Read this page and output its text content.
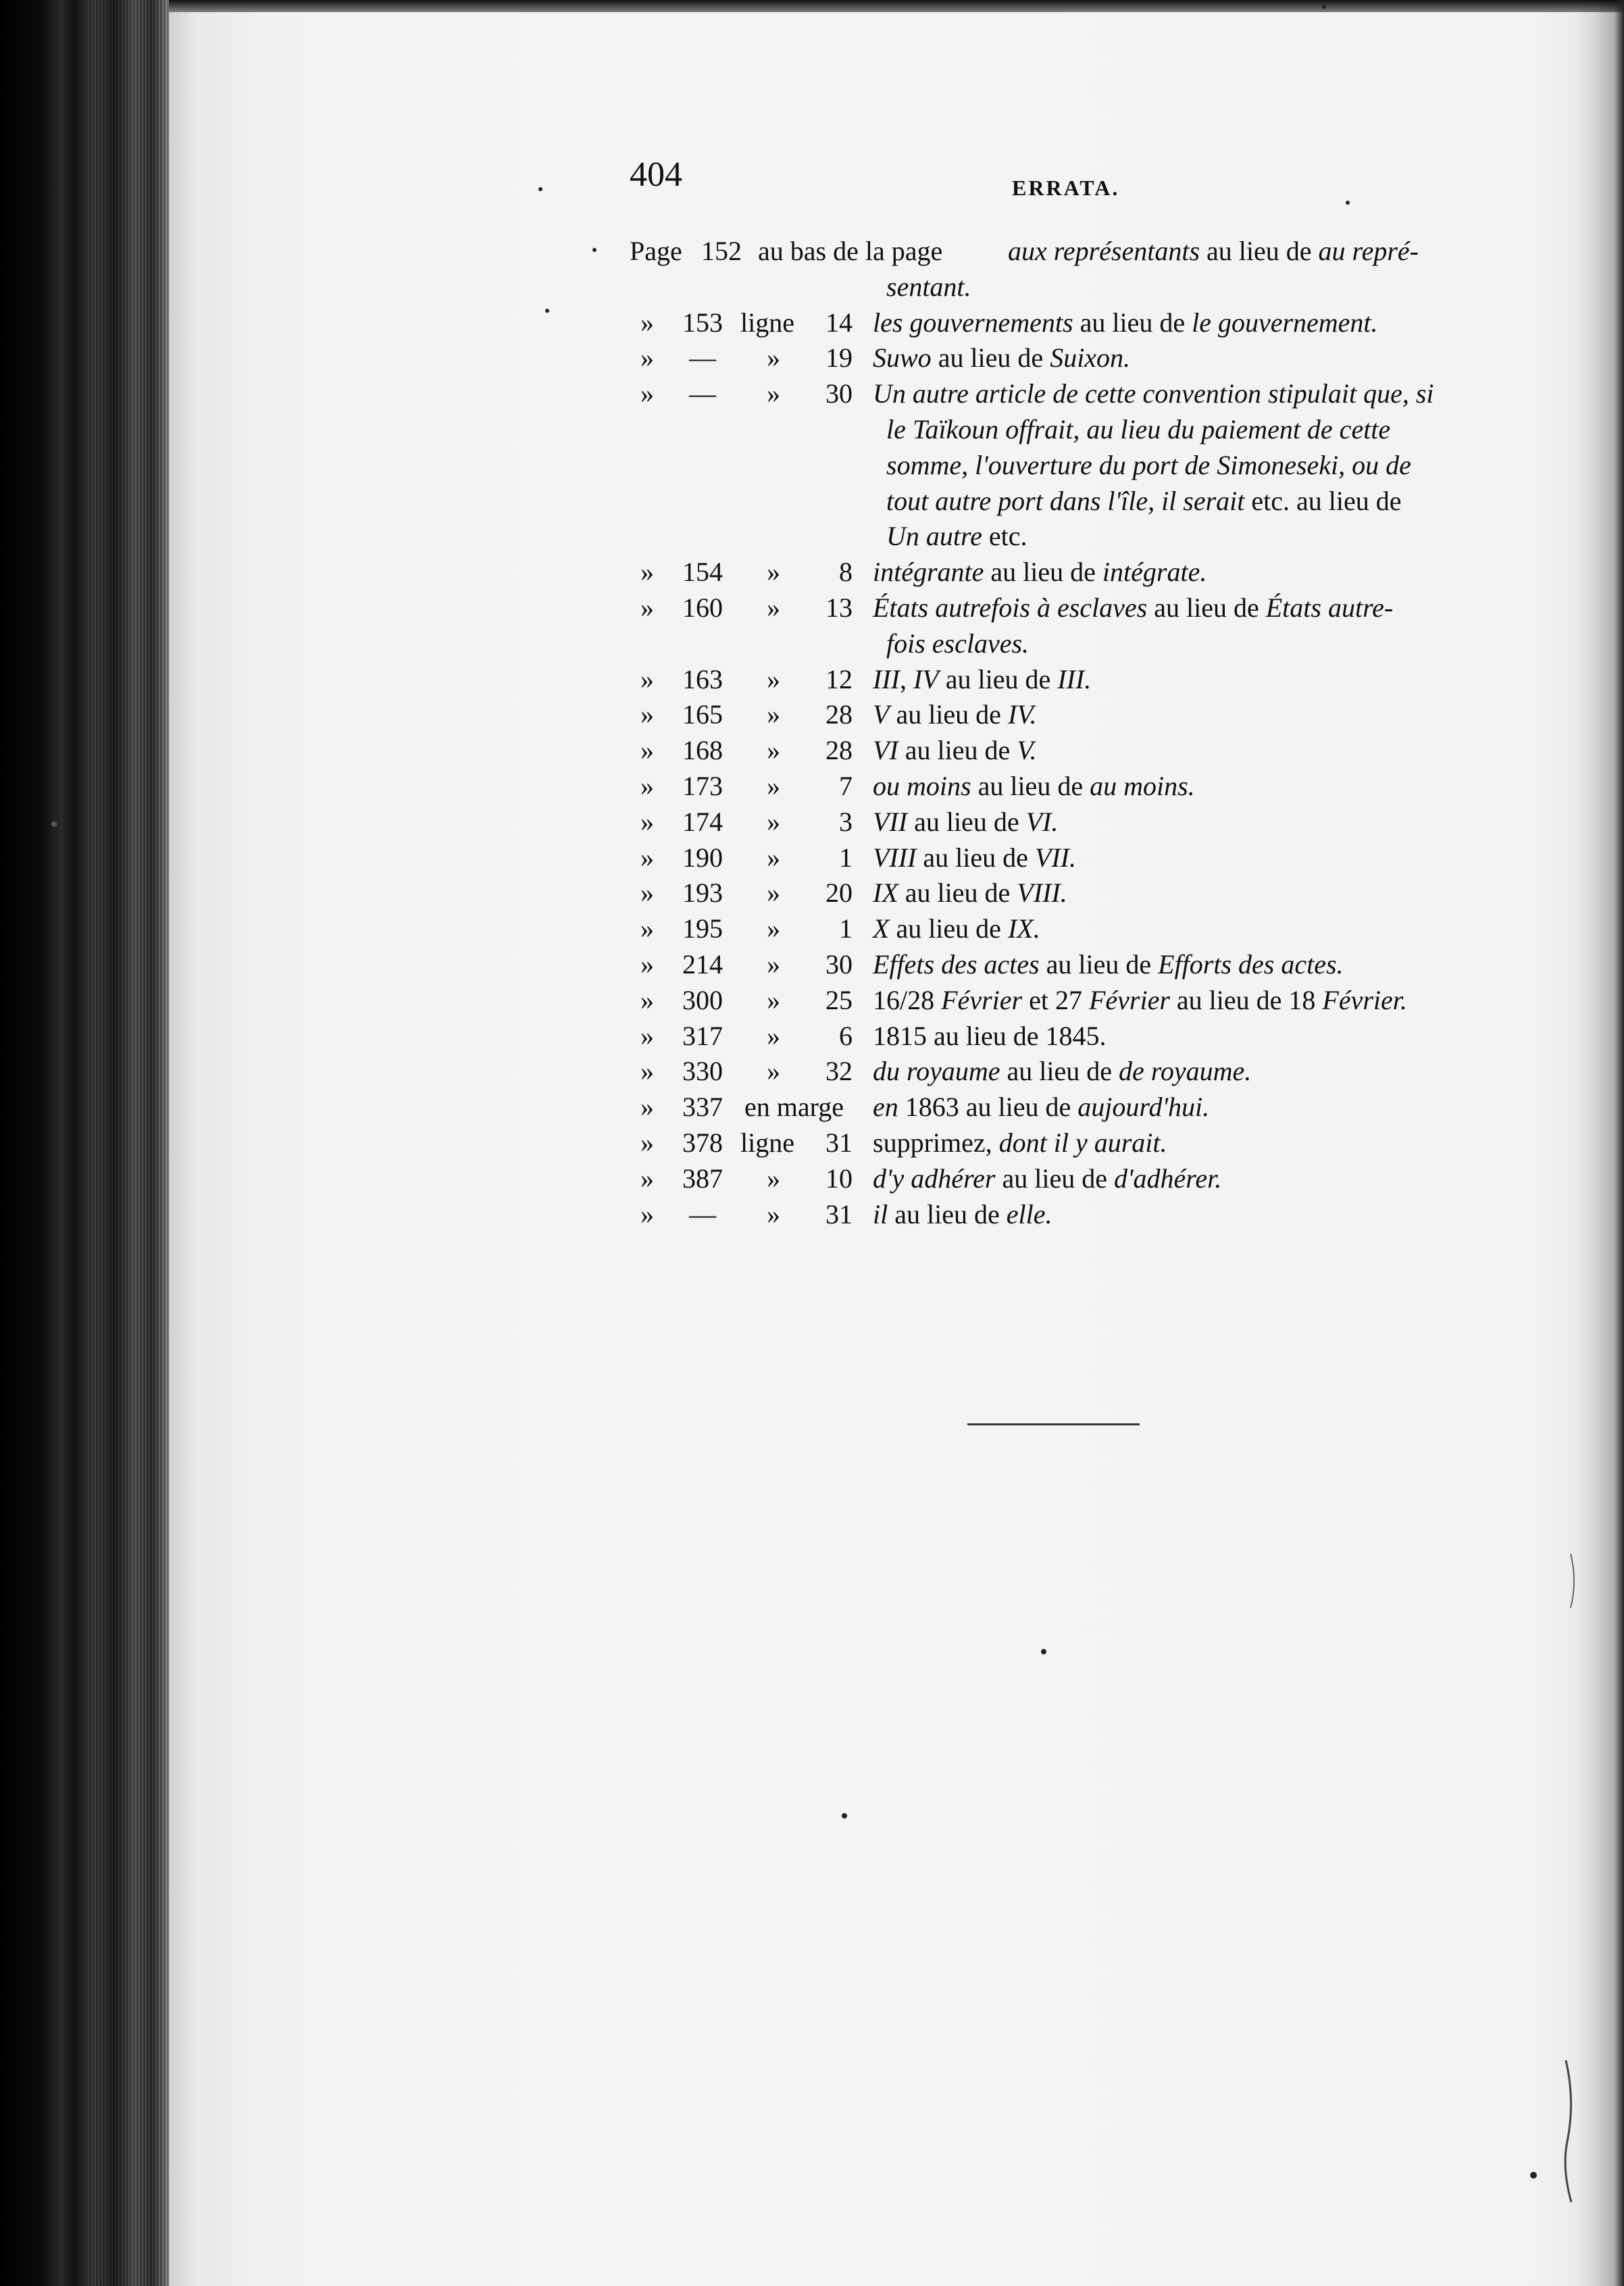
404	ERRATA.
Page 152 au bas de la page aux représentants au lieu de au repré-
sentant.
» 153 ligne 14 les gouvernements au lieu de le gouvernement.
» — » 19 Suwo au lieu de Suixon.
» — » 30 Un autre article de cette convention stipulait que, si
le Taïkoun offrait, au lieu du paiement de cette
somme, l'ouverture du port de Simoneseki, ou de
tout autre port dans l'île, il serait etc. au lieu de
Un autre etc.
» 154 » 8 intégrante au lieu de intégrate.
» 160 » 13 États autrefois à esclaves au lieu de États autre-
fois esclaves.
» 163 » 12 III, IV au lieu de III.
» 165 » 28 V au lieu de IV.
» 168 » 28 VI au lieu de V.
» 173 » 7 ou moins au lieu de au moins.
» 174 » 3 VII au lieu de VI.
» 190 » 1 VIII au lieu de VII.
» 193 » 20 IX au lieu de VIII.
» 195 » 1 X au lieu de IX.
» 214 » 30 Effets des actes au lieu de Efforts des actes.
» 300 » 25 16/28 Février et 27 Février au lieu de 18 Février.
» 317 » 6 1815 au lieu de 1845.
» 330 » 32 du royaume au lieu de de royaume.
» 337 en marge en 1863 au lieu de aujourd'hui.
» 378 ligne 31 supprimez, dont il y aurait.
» 387 » 10 d'y adhérer au lieu de d'adhérer.
» — » 31 il au lieu de elle.
